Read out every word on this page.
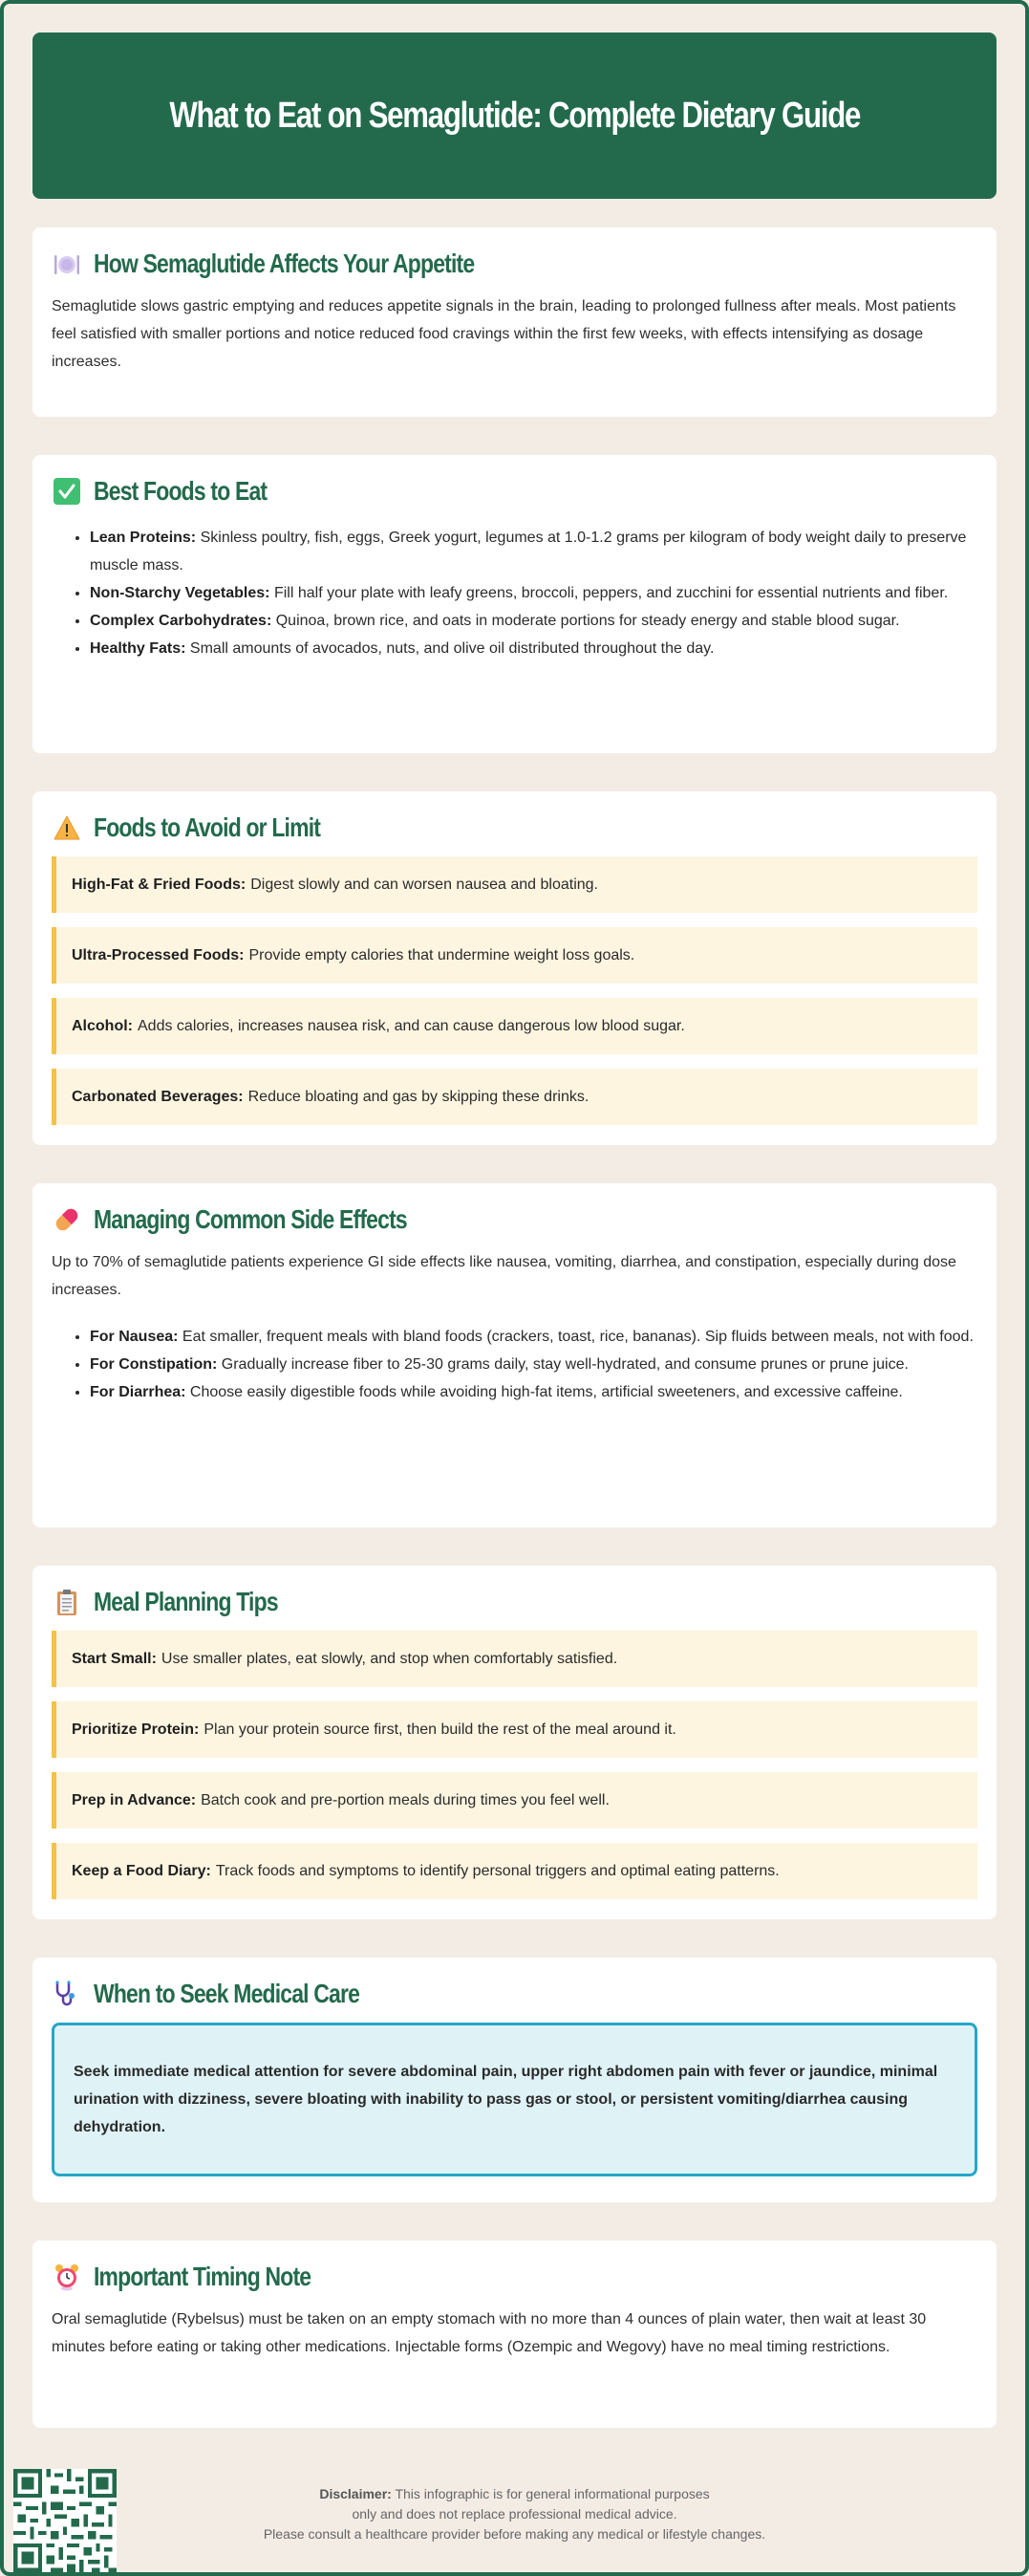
What to Eat on Semaglutide: Complete Dietary Guide
How Semaglutide Affects Your Appetite

Semaglutide slows gastric emptying and reduces appetite signals in the brain, leading to prolonged fullness after meals. Most patients feel satisfied with smaller portions and notice reduced food cravings within the first few weeks, with effects intensifying as dosage increases.

Best Foods to Eat
• Lean Proteins: Skinless poultry, fish, eggs, Greek yogurt, legumes at 1.0-1.2 grams per kilogram of body weight daily to preserve muscle mass.
• Non-Starchy Vegetables: Fill half your plate with leafy greens, broccoli, peppers, and zucchini for essential nutrients and fiber.
• Complex Carbohydrates: Quinoa, brown rice, and oats in moderate portions for steady energy and stable blood sugar.
• Healthy Fats: Small amounts of avocados, nuts, and olive oil distributed throughout the day.
Foods to Avoid or Limit
High-Fat & Fried Foods: Digest slowly and can worsen nausea and bloating.
Ultra-Processed Foods: Provide empty calories that undermine weight loss goals.
Alcohol: Adds calories, increases nausea risk, and can cause dangerous low blood sugar.
Carbonated Beverages: Reduce bloating and gas by skipping these drinks.
Managing Common Side Effects

Up to 70% of semaglutide patients experience GI side effects like nausea, vomiting, diarrhea, and constipation, especially during dose increases.

• For Nausea: Eat smaller, frequent meals with bland foods (crackers, toast, rice, bananas). Sip fluids between meals, not with food.
• For Constipation: Gradually increase fiber to 25-30 grams daily, stay well-hydrated, and consume prunes or prune juice.
• For Diarrhea: Choose easily digestible foods while avoiding high-fat items, artificial sweeteners, and excessive caffeine.
Meal Planning Tips
Start Small: Use smaller plates, eat slowly, and stop when comfortably satisfied.
Prioritize Protein: Plan your protein source first, then build the rest of the meal around it.
Prep in Advance: Batch cook and pre-portion meals during times you feel well.
Keep a Food Diary: Track foods and symptoms to identify personal triggers and optimal eating patterns.
When to Seek Medical Care
Seek immediate medical attention for severe abdominal pain, upper right abdomen pain with fever or jaundice, minimal urination with dizziness, severe bloating with inability to pass gas or stool, or persistent vomiting/diarrhea causing dehydration.
Important Timing Note

Oral semaglutide (Rybelsus) must be taken on an empty stomach with no more than 4 ounces of plain water, then wait at least 30 minutes before eating or taking other medications. Injectable forms (Ozempic and Wegovy) have no meal timing restrictions.

Disclaimer: This infographic is for general informational purposes
only and does not replace professional medical advice.
Please consult a healthcare provider before making any medical or lifestyle changes.
